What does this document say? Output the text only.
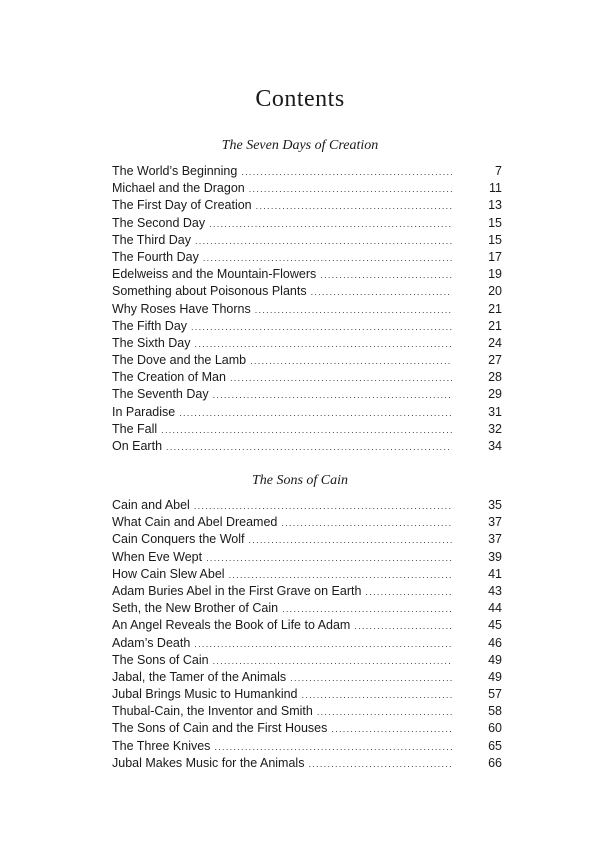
Contents
The Seven Days of Creation
The World’s Beginning .....	7
Michael and the Dragon .....	11
The First Day of Creation .....	13
The Second Day .....	15
The Third Day .....	15
The Fourth Day .....	17
Edelweiss and the Mountain-Flowers .....	19
Something about Poisonous Plants .....	20
Why Roses Have Thorns .....	21
The Fifth Day .....	21
The Sixth Day .....	24
The Dove and the Lamb .....	27
The Creation of Man .....	28
The Seventh Day .....	29
In Paradise .....	31
The Fall .....	32
On Earth .....	34
The Sons of Cain
Cain and Abel .....	35
What Cain and Abel Dreamed .....	37
Cain Conquers the Wolf .....	37
When Eve Wept .....	39
How Cain Slew Abel .....	41
Adam Buries Abel in the First Grave on Earth .....	43
Seth, the New Brother of Cain .....	44
An Angel Reveals the Book of Life to Adam .....	45
Adam’s Death .....	46
The Sons of Cain .....	49
Jabal, the Tamer of the Animals .....	49
Jubal Brings Music to Humankind .....	57
Thubal-Cain, the Inventor and Smith .....	58
The Sons of Cain and the First Houses .....	60
The Three Knives .....	65
Jubal Makes Music for the Animals .....	66
